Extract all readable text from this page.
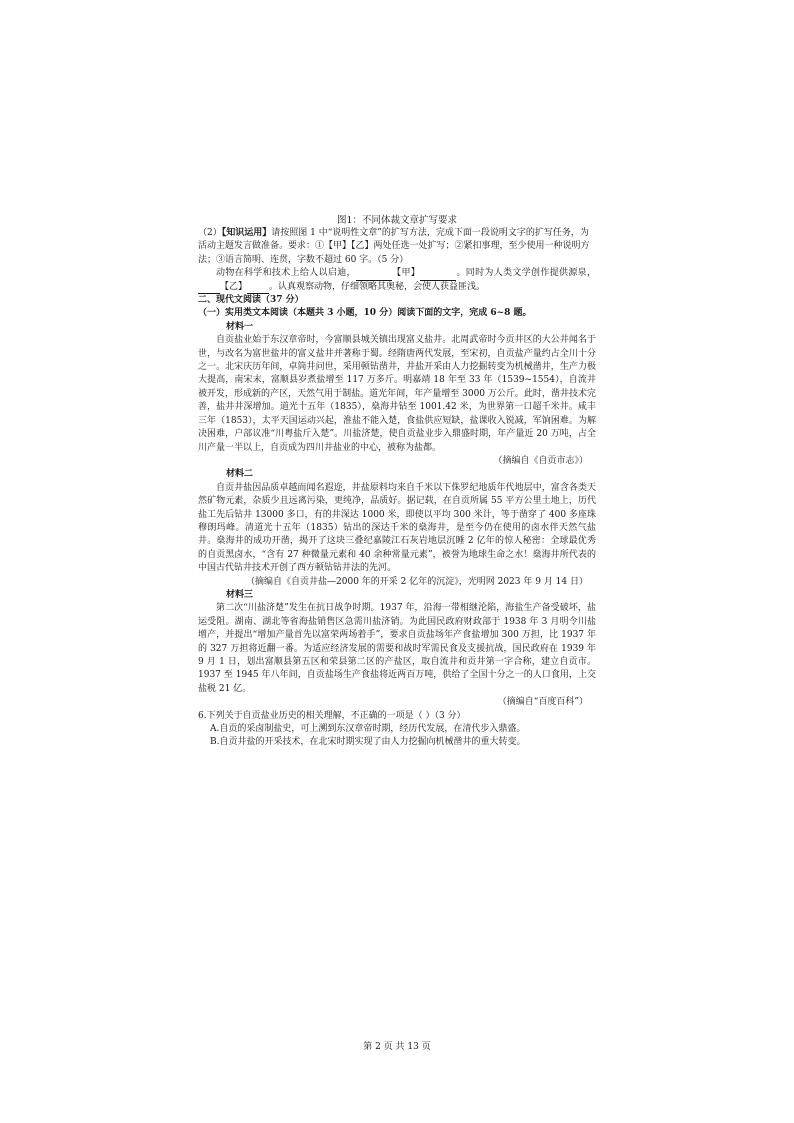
图1：不同体裁文章扩写要求

（2）【知识运用】请按照图 1 中“说明性文章”的扩写方法，完成下面一段说明文字的扩写任务，为活动主题发言做准备。要求：①【甲】【乙】两处任选一处扩写；②紧扣事理，至少使用一种说明方法；③语言简明、连贯，字数不超过 60 字。（5 分）

动物在科学和技术上给人以启迪，	【甲】	。同时为人类文学创作提供源泉，【乙】 。认真观察动物，仔细领略其奥秘，会使人获益匪浅。

二、现代文阅读（37 分）

（一）实用类文本阅读（本题共 3 小题，10 分）阅读下面的文字，完成 6~8 题。

材料一

自贡盐业始于东汉章帝时，今富顺县城关镇出现富义盐井。北周武帝时今贡井区的大公井闻名于世，与改名为富世盐井的富义盐井并著称于蜀。经隋唐两代发展，至宋初，自贡盐产量约占全川十分之一。北宋庆历年间，卓筒井问世，采用顿钻凿井，井盐开采由人力挖掘转变为机械凿井，生产力极大提高，南宋末，富顺县岁煮盐增至 117 万多斤。明嘉靖 18 年至 33 年（1539~1554），自流井被开发，形成新的产区，天然气用于制盐。道光年间，年产量增至 3000 万公斤。此时，凿井技术完善，盐井井深增加。道光十五年（1835），燊海井钻至 1001.42 米，为世界第一口超千米井。咸丰三年（1853），太平天国运动兴起，淮盐不能入楚，食盐供应短缺，盐课收入锐减，军饷困难。为解决困难，户部议准“川粤盐斤入楚”。川盐济楚，使自贡盐业步入鼎盛时期，年产量近 20 万吨，占全川产量一半以上，自贡成为四川井盐业的中心，被称为盐都。

（摘编自《自贡市志》）

材料二

自贡井盐因品质卓越而闻名遐迩，井盐原料均来自千米以下侏罗纪地质年代地层中，富含各类天然矿物元素，杂质少且远离污染，更纯净，品质好。据记载，在自贡所属 55 平方公里土地上，历代盐工先后钻井 13000 多口，有的井深达 1000 米，即使以平均 300 米计，等于凿穿了 400 多座珠穆朗玛峰。清道光十五年（1835）钻出的深达千米的燊海井，是至今仍在使用的卤水伴天然气盐井。燊海井的成功开凿，揭开了这块三叠纪嘉陵江石灰岩地层沉睡 2 亿年的惊人秘密：全球最优秀的自贡黑卤水，“含有 27 种微量元素和 40 余种常量元素”，被誉为地球生命之水！燊海井所代表的中国古代钻井技术开创了西方顿钻钻井法的先河。

（摘编自《自贡井盐—2000 年的开采 2 亿年的沉淀》，光明网 2023 年 9 月 14 日）

材料三

第二次“川盐济楚”发生在抗日战争时期。1937 年，沿海一带相继沦陷，海盐生产备受破坏，盐运受阻。湖南、湖北等省海盐销售区急需川盐济销。为此国民政府财政部于 1938 年 3 月明令川盐增产，并提出“增加产量首先以富荣两场着手”，要求自贡盐场年产食盐增加 300 万担，比 1937 年的 327 万担将近翻一番。为适应经济发展的需要和战时军需民食及支援抗战，国民政府在 1939 年 9 月 1 日，划出富顺县第五区和荣县第二区的产盐区，取自流井和贡井第一字合称，建立自贡市。1937 至 1945 年八年间，自贡盐场生产食盐将近两百万吨，供给了全国十分之一的人口食用，上交盐税 21 亿。

（摘编自“百度百科”）

6.下列关于自贡盐业历史的相关理解，不正确的一项是（ ）（3 分）

A.自贡的采卤制盐史，可上溯到东汉章帝时期，经历代发展，在清代步入鼎盛。

B.自贡井盐的开采技术，在北宋时期实现了由人力挖掘向机械凿井的重大转变。

第 2 页 共 13 页
